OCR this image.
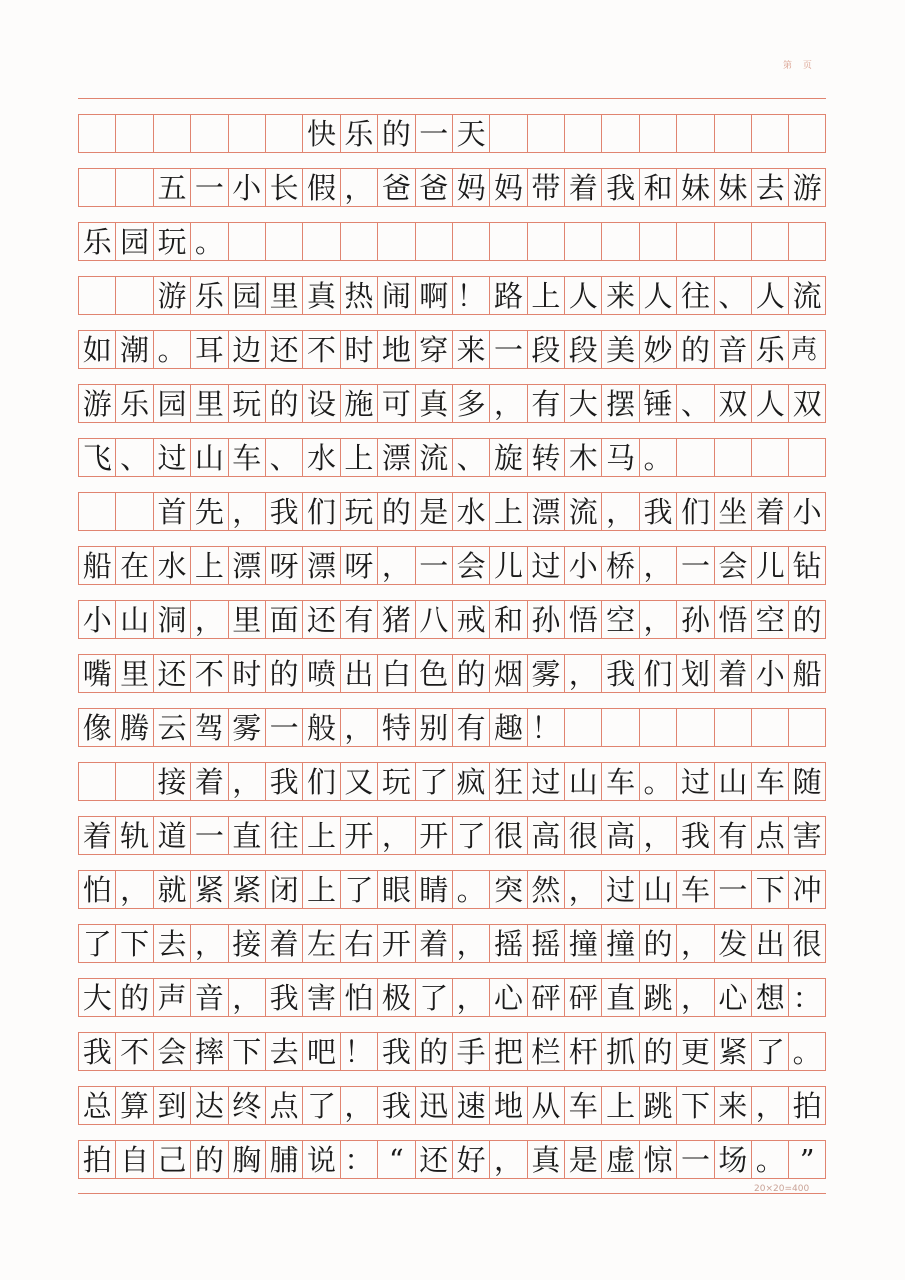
第 页

快 乐 的 一 天

五 一 小 长 假 ， 爸 爸 妈 妈 带 着 我 和 妹 妹 去 游
乐 园 玩 。

游 乐 园 里 真 热 闹 啊 ！ 路 上 人 来 人 往 、 人 流
如 潮 。 耳 边 还 不 时 地 穿 来 一 段 段 美 妙 的 音 乐 声。
游 乐 园 里 玩 的 设 施 可 真 多 ， 有 大 摆 锤 、 双 人 双
飞 、 过 山 车 、 水 上 漂 流 、 旋 转 木 马 。

首 先 ， 我 们 玩 的 是 水 上 漂 流 ， 我 们 坐 着 小
船 在 水 上 漂 呀 漂 呀 ， 一 会 儿 过 小 桥 ， 一 会 儿 钻
小 山 洞 ， 里 面 还 有 猪 八 戒 和 孙 悟 空 ， 孙 悟 空 的
嘴 里 还 不 时 的 喷 出 白 色 的 烟 雾 ， 我 们 划 着 小 船
像 腾 云 驾 雾 一 般 ， 特 别 有 趣 ！

接 着 ， 我 们 又 玩 了 疯 狂 过 山 车 。 过 山 车 随
着 轨 道 一 直 往 上 开 ， 开 了 很 高 很 高 ， 我 有 点 害
怕 ， 就 紧 紧 闭 上 了 眼 睛 。 突 然 ， 过 山 车 一 下 冲
了 下 去 ， 接 着 左 右 开 着 ， 摇 摇 撞 撞 的 ， 发 出 很
大 的 声 音 ， 我 害 怕 极 了 ， 心 砰 砰 直 跳 ， 心 想 ：
我 不 会 摔 下 去 吧 ！ 我 的 手 把 栏 杆 抓 的 更 紧 了 。
总 算 到 达 终 点 了 ， 我 迅 速 地 从 车 上 跳 下 来 ， 拍
拍 自 己 的 胸 脯 说 ： “ 还 好 ， 真 是 虚 惊 一 场 。 ”
20×20=400
